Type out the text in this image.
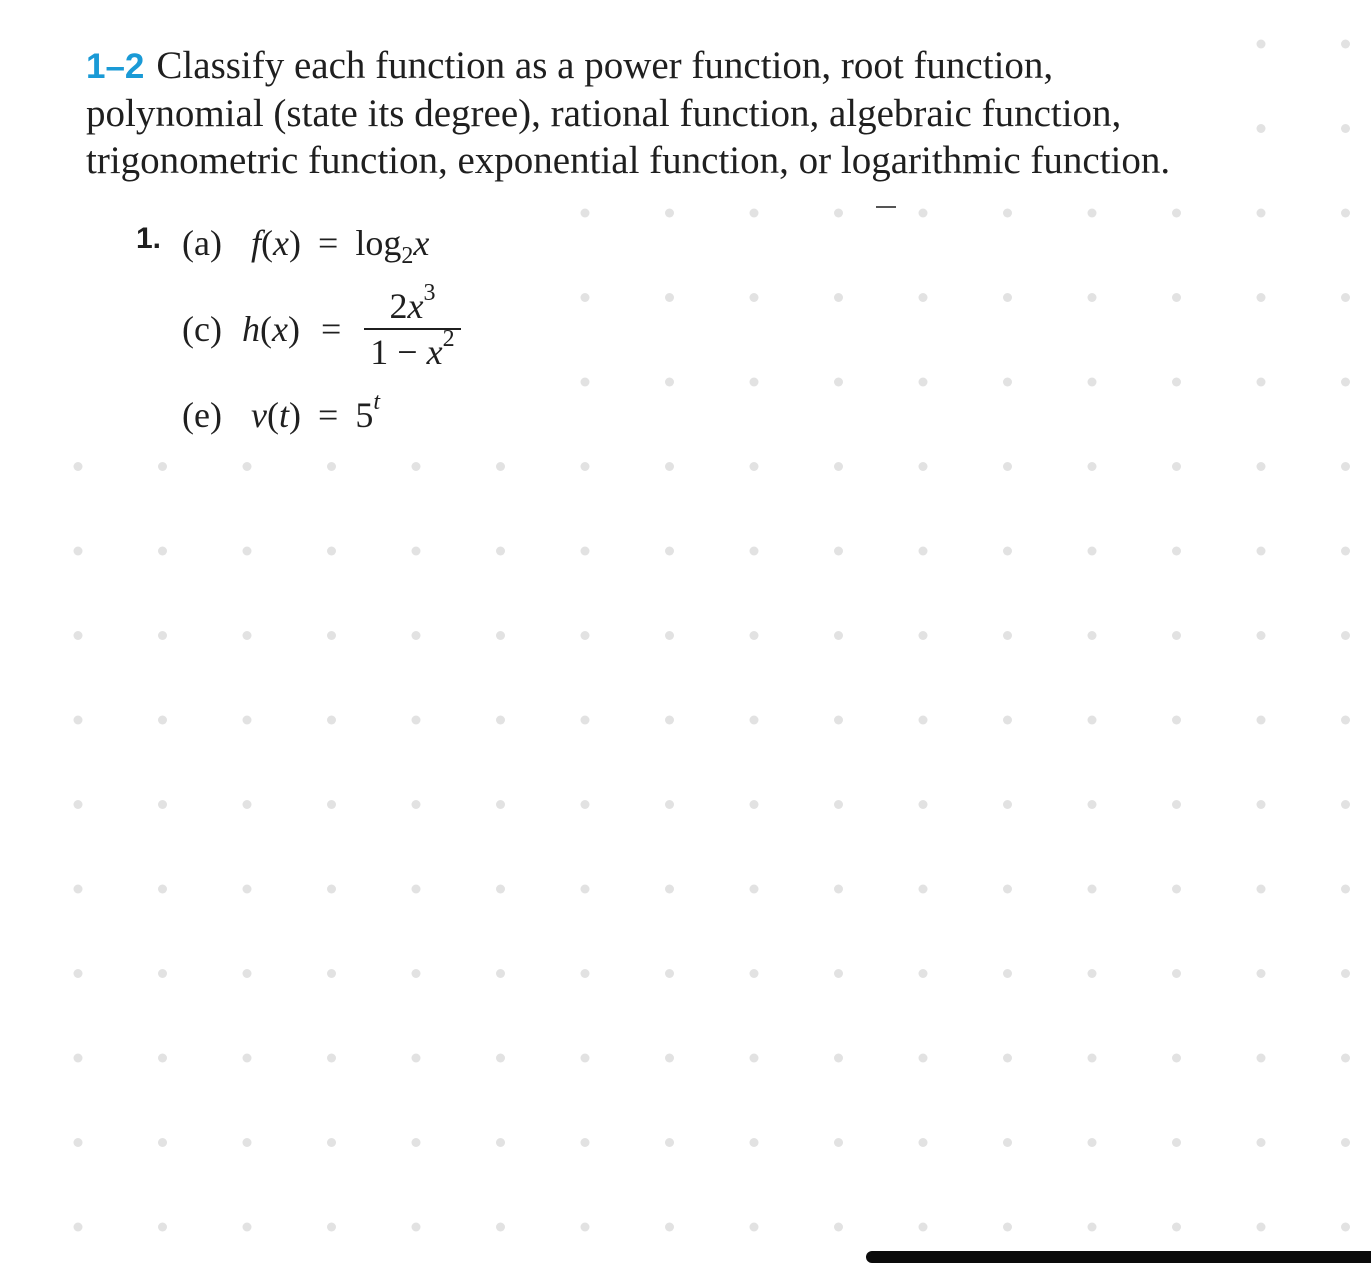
1–2 Classify each function as a power function, root function,
polynomial (state its degree), rational function, algebraic function,
trigonometric function, exponential function, or logarithmic function.

1. (a) $f(x) = \log_2x$
(c) $h(x) = \frac{2x^3}{1 - x^2}$
(e) $v(t) = 5^t$
